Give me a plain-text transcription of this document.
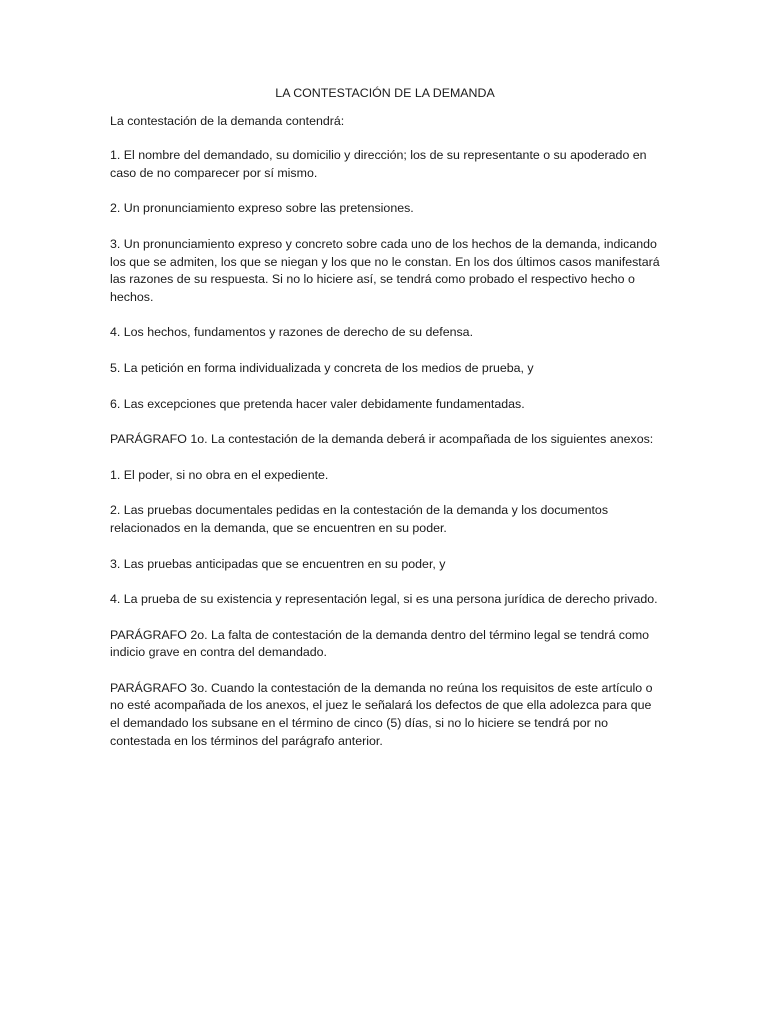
LA CONTESTACIÓN DE LA DEMANDA

La contestación de la demanda contendrá:

1. El nombre del demandado, su domicilio y dirección; los de su representante o su apoderado en caso de no comparecer por sí mismo.

2. Un pronunciamiento expreso sobre las pretensiones.

3. Un pronunciamiento expreso y concreto sobre cada uno de los hechos de la demanda, indicando los que se admiten, los que se niegan y los que no le constan. En los dos últimos casos manifestará las razones de su respuesta. Si no lo hiciere así, se tendrá como probado el respectivo hecho o hechos.

4. Los hechos, fundamentos y razones de derecho de su defensa.

5. La petición en forma individualizada y concreta de los medios de prueba, y

6. Las excepciones que pretenda hacer valer debidamente fundamentadas.

PARÁGRAFO 1o. La contestación de la demanda deberá ir acompañada de los siguientes anexos:

1. El poder, si no obra en el expediente.

2. Las pruebas documentales pedidas en la contestación de la demanda y los documentos relacionados en la demanda, que se encuentren en su poder.

3. Las pruebas anticipadas que se encuentren en su poder, y

4. La prueba de su existencia y representación legal, si es una persona jurídica de derecho privado.

PARÁGRAFO 2o. La falta de contestación de la demanda dentro del término legal se tendrá como indicio grave en contra del demandado.

PARÁGRAFO 3o. Cuando la contestación de la demanda no reúna los requisitos de este artículo o no esté acompañada de los anexos, el juez le señalará los defectos de que ella adolezca para que el demandado los subsane en el término de cinco (5) días, si no lo hiciere se tendrá por no contestada en los términos del parágrafo anterior.
